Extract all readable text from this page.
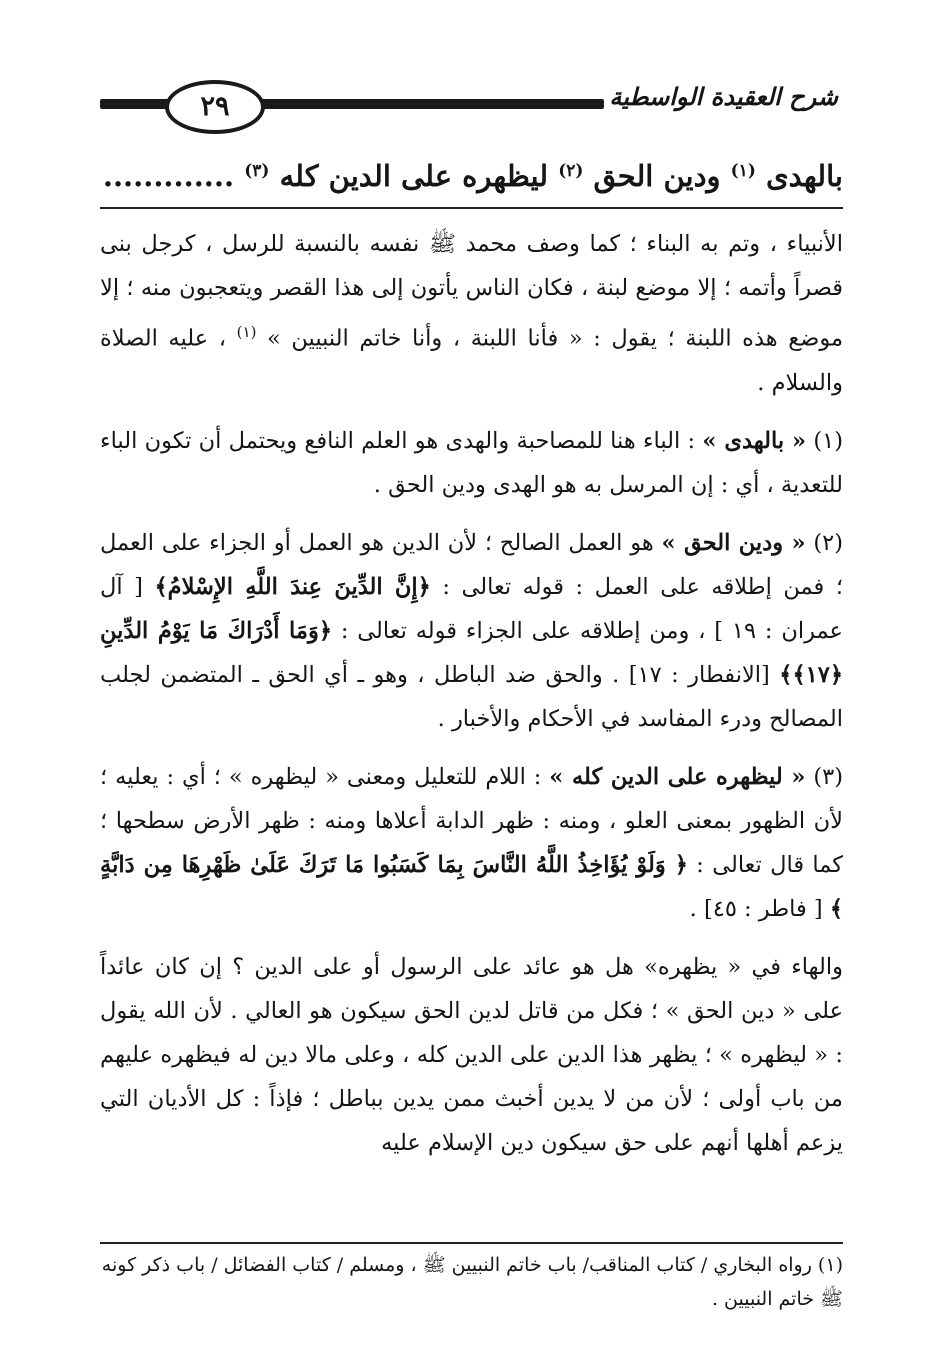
٢٩	شرح العقيدة الواسطية
بالهدى $^{(١)}$ ودين الحق $^{(٢)}$ ليظهره على الدين كله $^{(٣)}$ .............

الأنبياء ، وتم به البناء ؛ كما وصف محمد ﷺ نفسه بالنسبة للرسل ، كرجل بنى قصراً وأتمه ؛ إلا موضع لبنة ، فكان الناس يأتون إلى هذا القصر ويتعجبون منه ؛ إلا موضع هذه اللبنة ؛ يقول : « فأنا اللبنة ، وأنا خاتم النبيين » $^{(١)}$ ، عليه الصلاة والسلام .

(١) « بالهدى » : الباء هنا للمصاحبة والهدى هو العلم النافع ويحتمل أن تكون الباء للتعدية ، أي : إن المرسل به هو الهدى ودين الحق .

(٢) « ودين الحق » هو العمل الصالح ؛ لأن الدين هو العمل أو الجزاء على العمل ؛ فمن إطلاقه على العمل : قوله تعالى : ﴿إِنَّ الدِّينَ عِندَ اللَّهِ الإِسْلامُ﴾ [ آل عمران : ١٩ ] ، ومن إطلاقه على الجزاء قوله تعالى : ﴿وَمَا أَدْرَاكَ مَا يَوْمُ الدِّينِ ﴿١٧﴾﴾ [الانفطار : ١٧] . والحق ضد الباطل ، وهو ـ أي الحق ـ المتضمن لجلب المصالح ودرء المفاسد في الأحكام والأخبار .

(٣) « ليظهره على الدين كله » : اللام للتعليل ومعنى « ليظهره » ؛ أي : يعليه ؛ لأن الظهور بمعنى العلو ، ومنه : ظهر الدابة أعلاها ومنه : ظهر الأرض سطحها ؛ كما قال تعالى : ﴿ وَلَوْ يُؤَاخِذُ اللَّهُ النَّاسَ بِمَا كَسَبُوا مَا تَرَكَ عَلَىٰ ظَهْرِهَا مِن دَابَّةٍ ﴾ [ فاطر : ٤٥] .

والهاء في « يظهره» هل هو عائد على الرسول أو على الدين ؟ إن كان عائداً على « دين الحق » ؛ فكل من قاتل لدين الحق سيكون هو العالي . لأن الله يقول : « ليظهره » ؛ يظهر هذا الدين على الدين كله ، وعلى مالا دين له فيظهره عليهم من باب أولى ؛ لأن من لا يدين أخبث ممن يدين بباطل ؛ فإذاً : كل الأديان التي يزعم أهلها أنهم على حق سيكون دين الإسلام عليه

(١) رواه البخاري / كتاب المناقب/ باب خاتم النبيين ﷺ ، ومسلم / كتاب الفضائل / باب ذكر كونه ﷺ خاتم النبيين .
